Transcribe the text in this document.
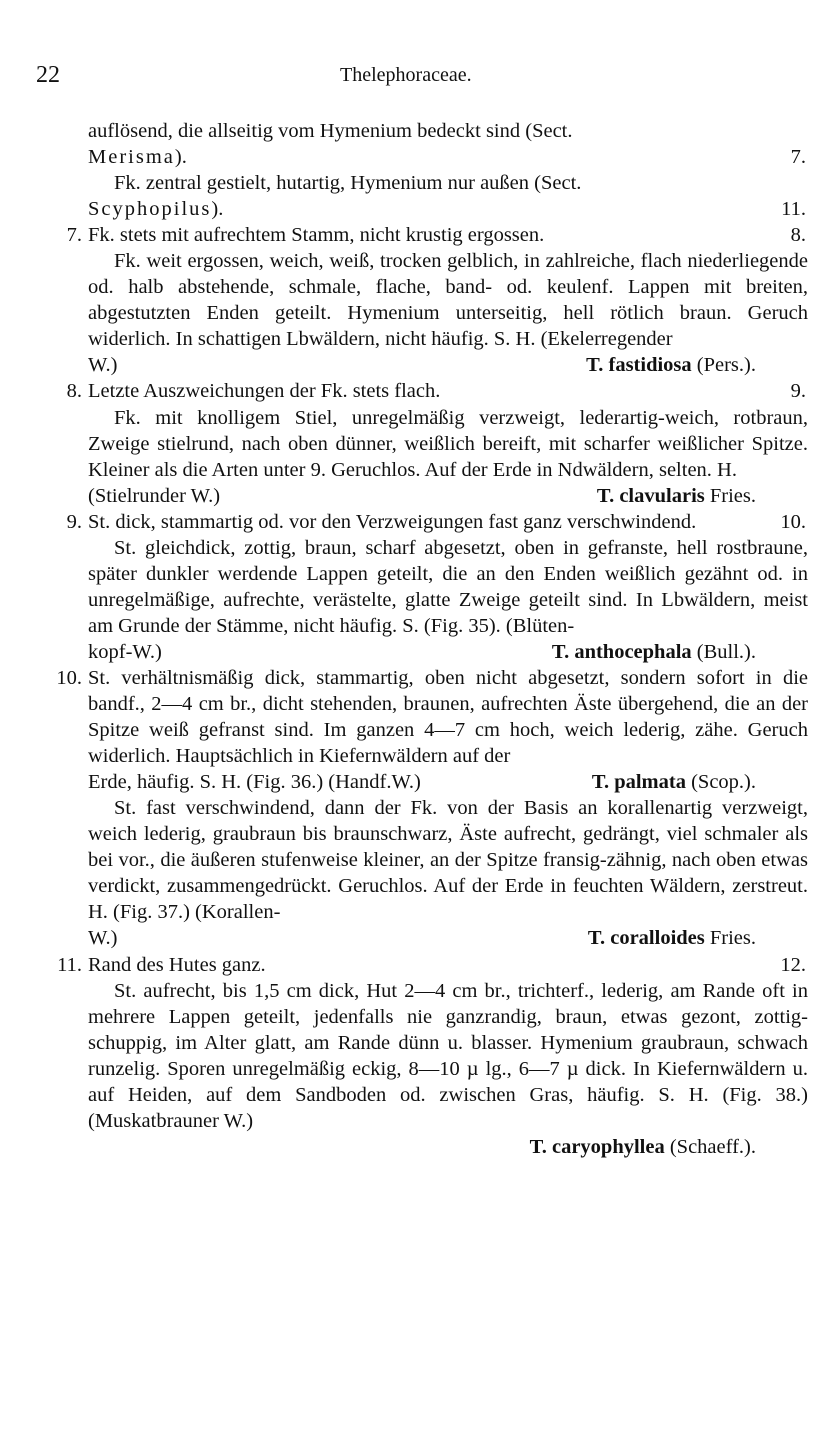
22	Thelephoraceae.
auflösend, die allseitig vom Hymenium bedeckt sind (Sect.
Merisma).	7.
Fk. zentral gestielt, hutartig, Hymenium nur außen (Sect.
Scyphopilus).	11.
7. Fk. stets mit aufrechtem Stamm, nicht krustig ergossen.	8.
Fk. weit ergossen, weich, weiß, trocken gelblich, in zahlreiche, flach niederliegende od. halb abstehende, schmale, flache, band- od. keulenf. Lappen mit breiten, abgestutzten Enden geteilt. Hymenium unterseitig, hell rötlich braun. Geruch widerlich. In schattigen Lbwäldern, nicht häufig. S. H. (Ekelerregender
W.)	T. fastidiosa (Pers.).
8. Letzte Auszweichungen der Fk. stets flach.	9.
Fk. mit knolligem Stiel, unregelmäßig verzweigt, lederartig-weich, rotbraun, Zweige stielrund, nach oben dünner, weißlich bereift, mit scharfer weißlicher Spitze. Kleiner als die Arten unter 9. Geruchlos. Auf der Erde in Ndwäldern, selten. H.
(Stielrunder W.)	T. clavularis Fries.
9. St. dick, stammartig od. vor den Verzweigungen fast ganz verschwindend.	10.
St. gleichdick, zottig, braun, scharf abgesetzt, oben in gefranste, hell rostbraune, später dunkler werdende Lappen geteilt, die an den Enden weißlich gezähnt od. in unregelmäßige, aufrechte, verästelte, glatte Zweige geteilt sind. In Lbwäldern, meist am Grunde der Stämme, nicht häufig. S. (Fig. 35). (Blüten-
kopf-W.)	T. anthocephala (Bull.).
10. St. verhältnismäßig dick, stammartig, oben nicht abgesetzt, sondern sofort in die bandf., 2—4 cm br., dicht stehenden, braunen, aufrechten Äste übergehend, die an der Spitze weiß gefranst sind. Im ganzen 4—7 cm hoch, weich lederig, zähe. Geruch widerlich. Hauptsächlich in Kiefernwäldern auf der
Erde, häufig. S. H. (Fig. 36.) (Handf.W.)	T. palmata (Scop.).
St. fast verschwindend, dann der Fk. von der Basis an korallenartig verzweigt, weich lederig, graubraun bis braunschwarz, Äste aufrecht, gedrängt, viel schmaler als bei vor., die äußeren stufenweise kleiner, an der Spitze fransig-zähnig, nach oben etwas verdickt, zusammengedrückt. Geruchlos. Auf der Erde in feuchten Wäldern, zerstreut. H. (Fig. 37.) (Korallen-
W.)	T. coralloides Fries.
11. Rand des Hutes ganz.	12.
St. aufrecht, bis 1,5 cm dick, Hut 2—4 cm br., trichterf., lederig, am Rande oft in mehrere Lappen geteilt, jedenfalls nie ganzrandig, braun, etwas gezont, zottig-schuppig, im Alter glatt, am Rande dünn u. blasser. Hymenium graubraun, schwach runzelig. Sporen unregelmäßig eckig, 8—10 µ lg., 6—7 µ dick. In Kiefernwäldern u. auf Heiden, auf dem Sandboden od. zwischen Gras, häufig. S. H. (Fig. 38.) (Muskatbrauner W.)
T. caryophyllea (Schaeff.).
